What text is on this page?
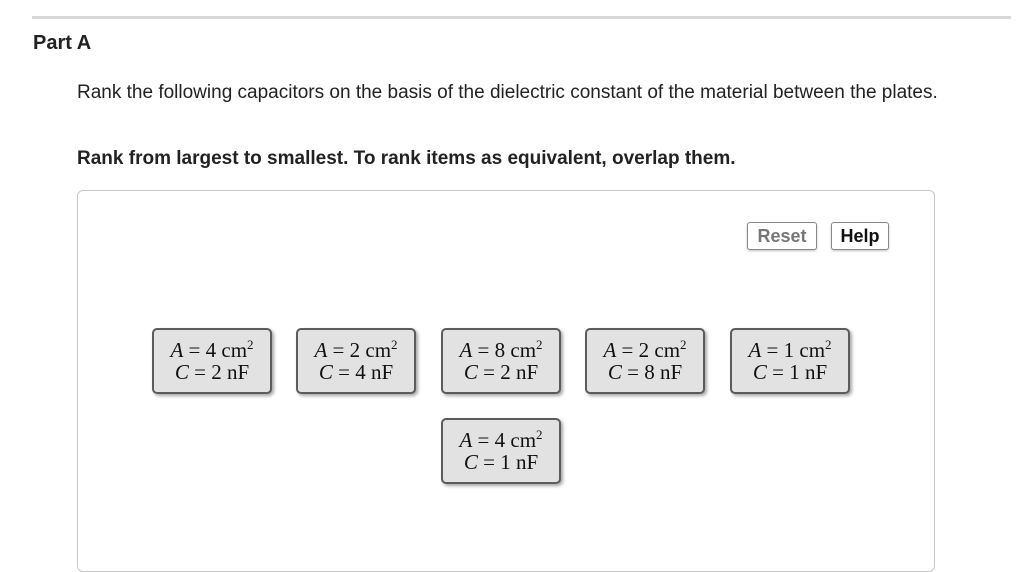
Part A
Rank the following capacitors on the basis of the dielectric constant of the material between the plates.
Rank from largest to smallest. To rank items as equivalent, overlap them.
Reset	Help
A = 4 $cm^2$
C = 2 nF
A = 2 $cm^2$
C = 4 nF
A = 8 $cm^2$
C = 2 nF
A = 2 $cm^2$
C = 8 nF
A = 1 $cm^2$
C = 1 nF
A = 4 $cm^2$
C = 1 nF
